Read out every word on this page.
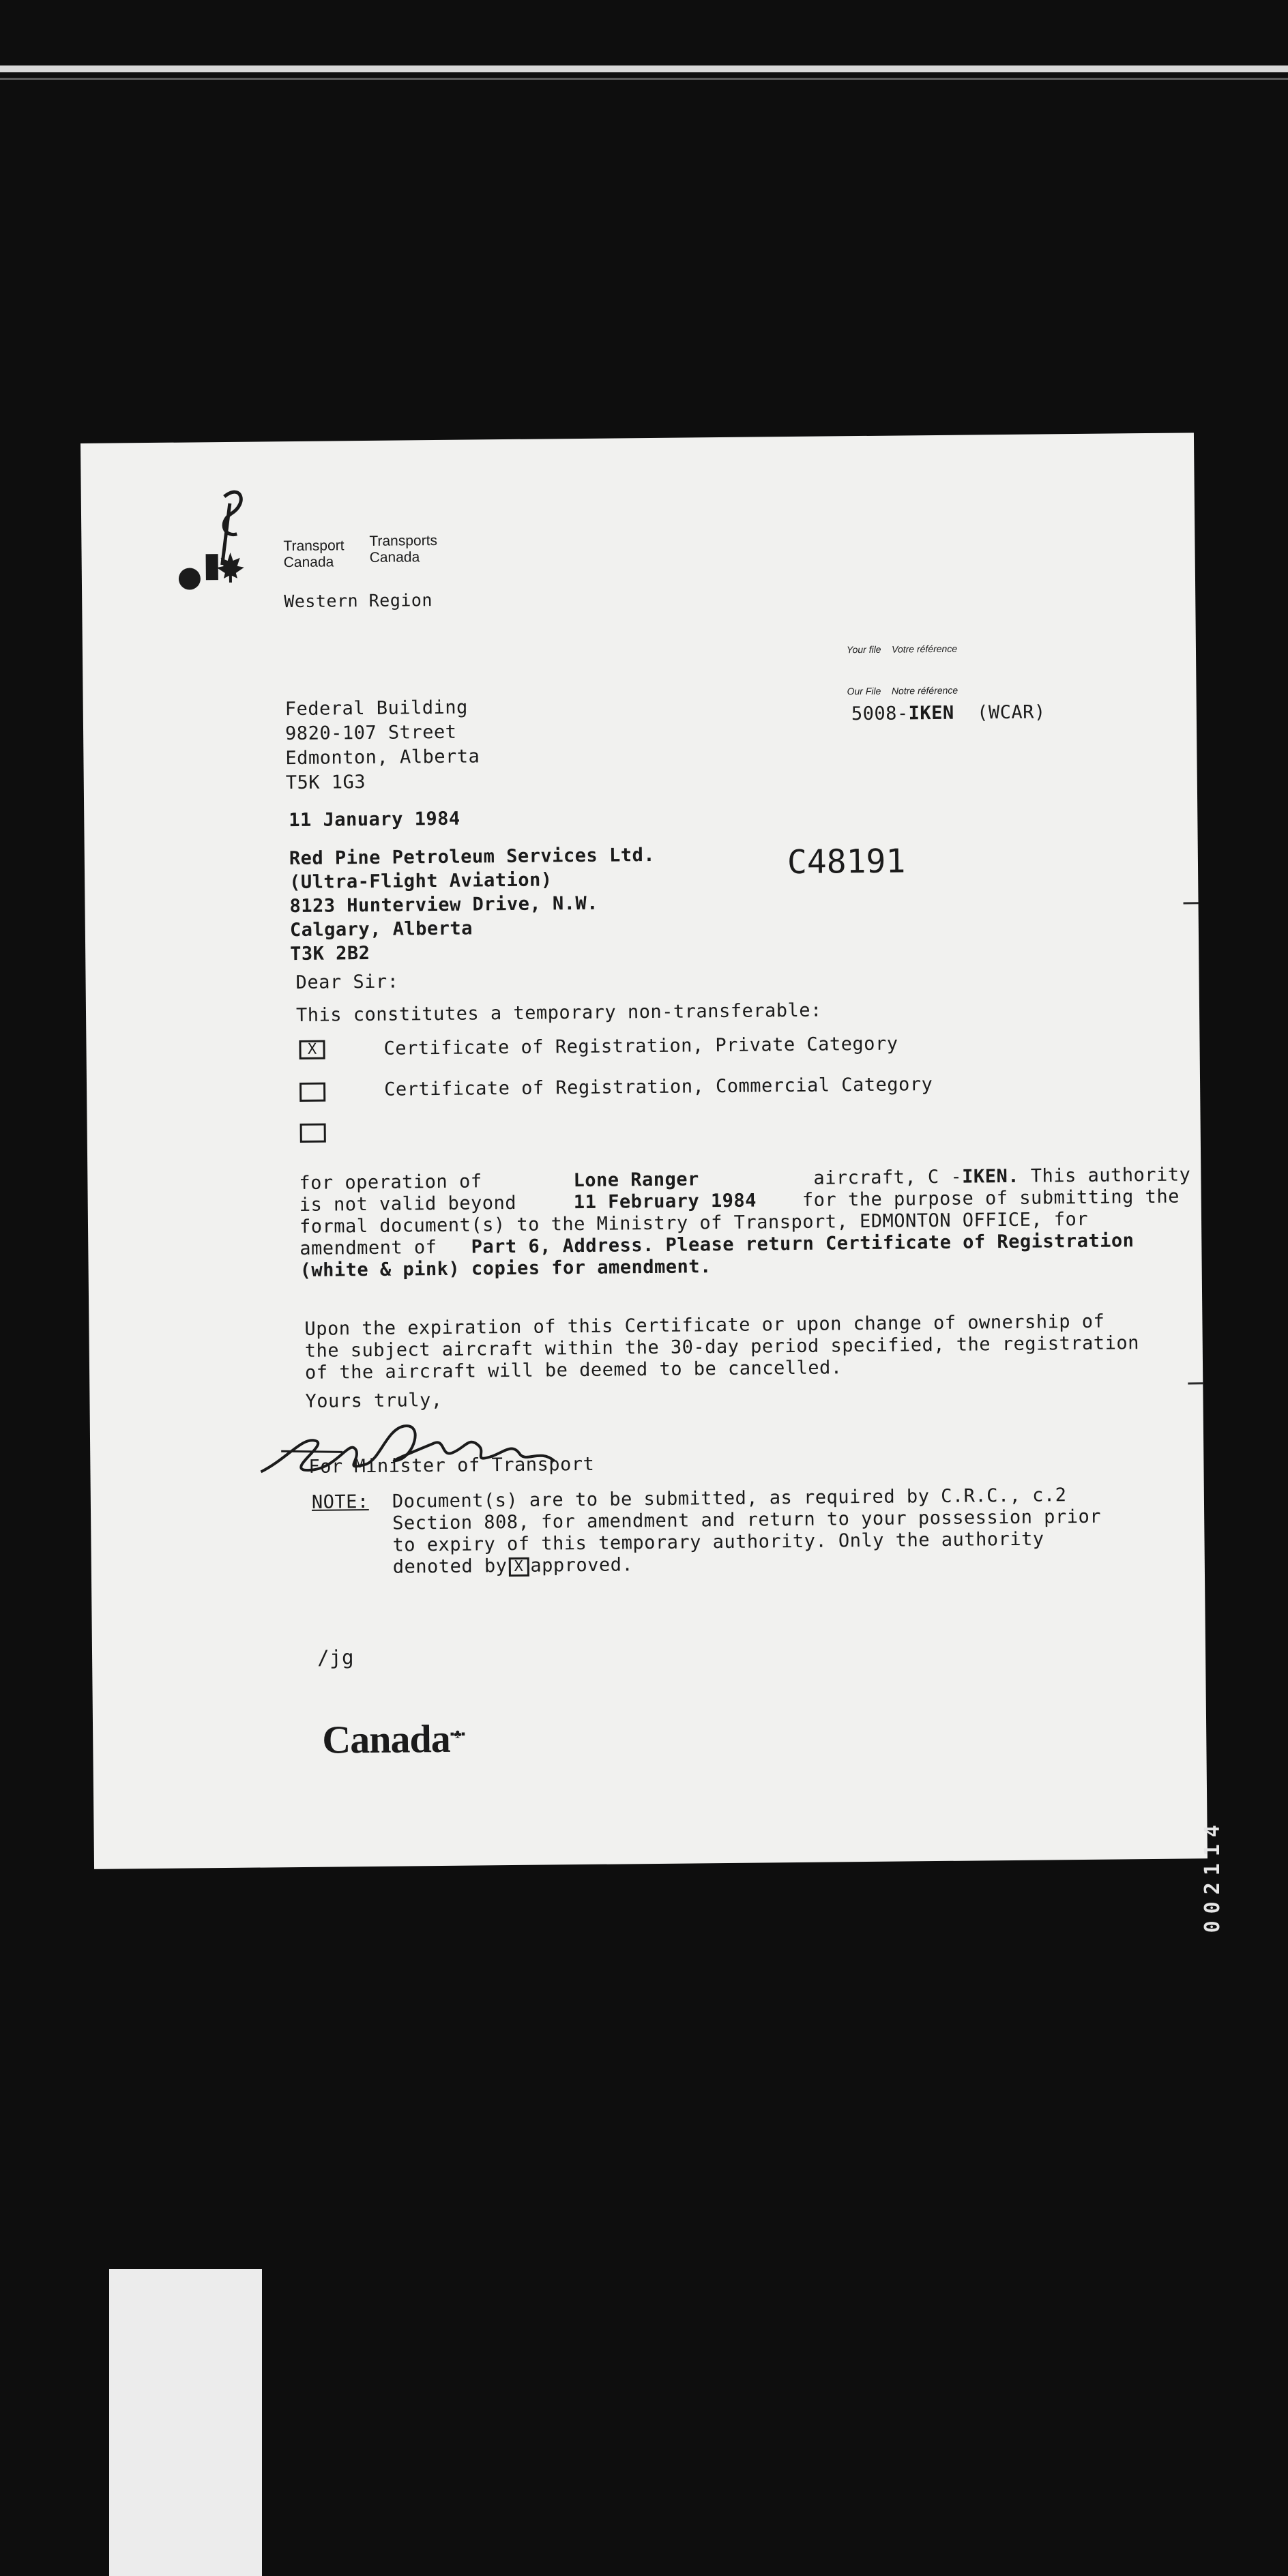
Transport
Canada
Transports
Canada
Western Region
Your file Votre référence
Our File Notre référence
5008-IKEN (WCAR)
Federal Building
9820-107 Street
Edmonton, Alberta
T5K 1G3
11 January 1984
Red Pine Petroleum Services Ltd.
(Ultra-Flight Aviation)
8123 Hunterview Drive, N.W.
Calgary, Alberta
T3K 2B2
C48191
Dear Sir:
This constitutes a temporary non-transferable:
X	Certificate of Registration, Private Category
Certificate of Registration, Commercial Category
for operation of	Lone Ranger	aircraft, C -IKEN. This authority
is not valid beyond	11 February 1984 for the purpose of submitting the
formal document(s) to the Ministry of Transport, EDMONTON OFFICE, for
amendment of Part 6, Address. Please return Certificate of Registration
(white & pink) copies for amendment.
Upon the expiration of this Certificate or upon change of ownership of
the subject aircraft within the 30-day period specified, the registration
of the aircraft will be deemed to be cancelled.
Yours truly,
For Minister of Transport
NOTE: Document(s) are to be submitted, as required by C.R.C., c.2
Section 808, for amendment and return to your possession prior
to expiry of this temporary authority. Only the authority
denoted by X approved.
/jg
Canada▪♣▪
002114
